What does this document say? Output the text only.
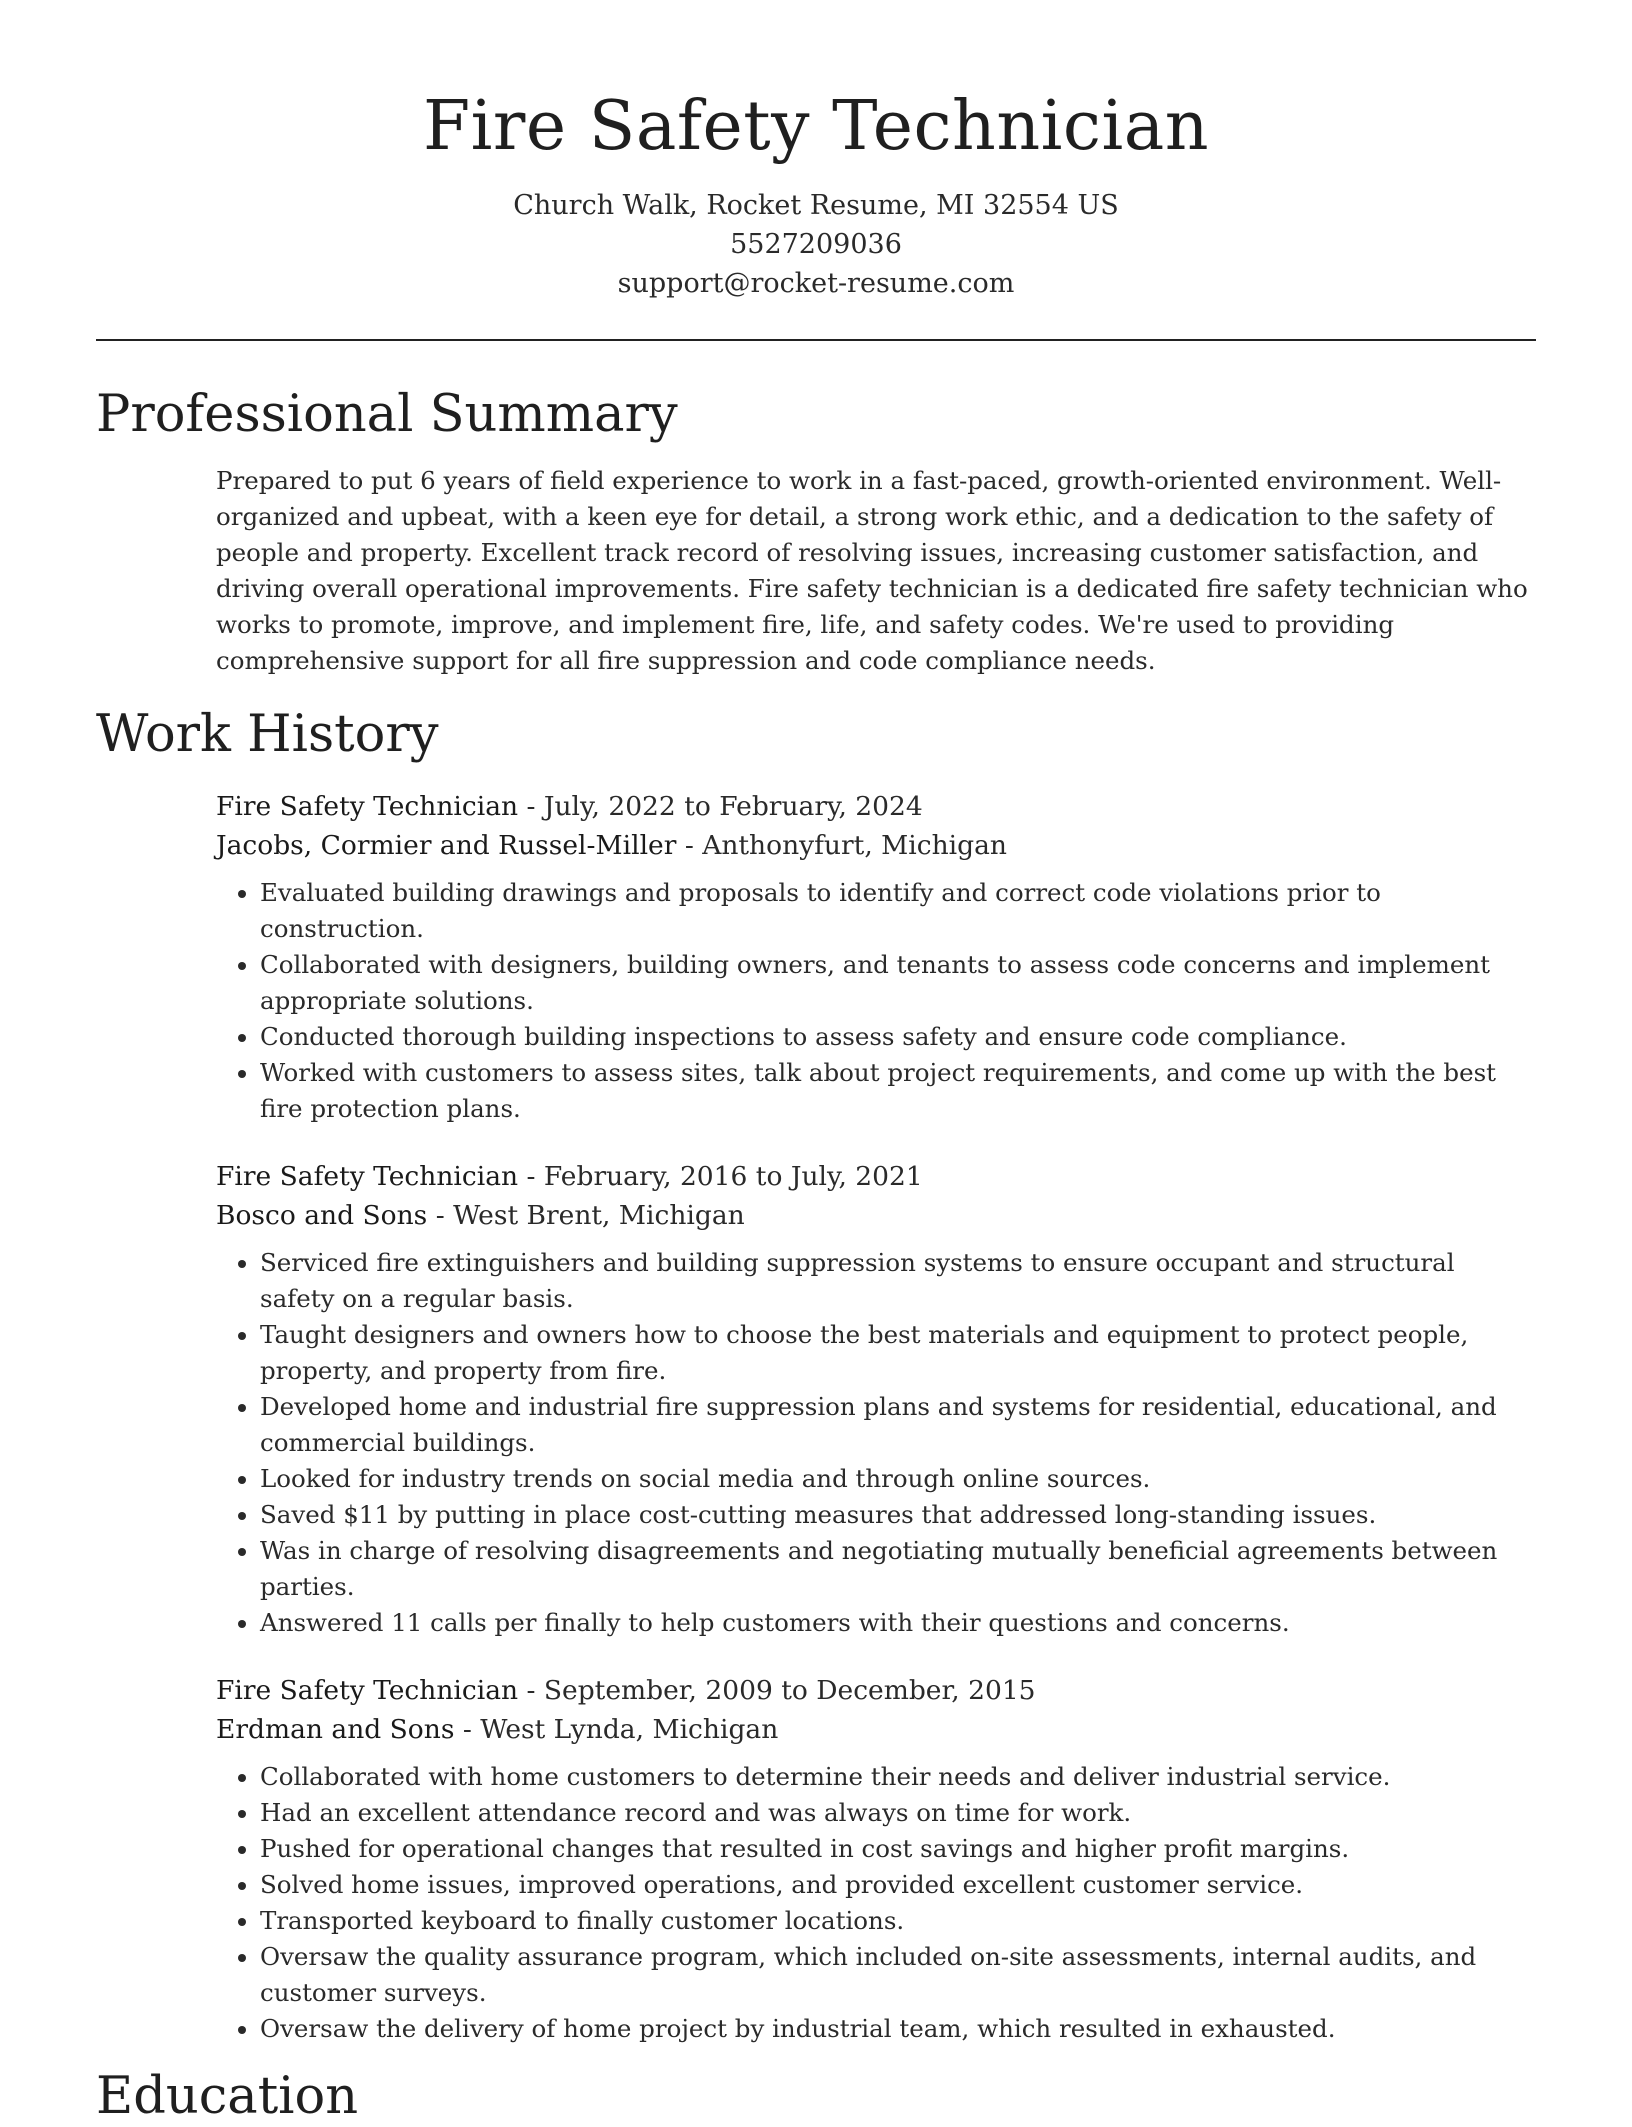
Fire Safety Technician
Church Walk, Rocket Resume, MI 32554 US
5527209036
support@rocket-resume.com
Professional Summary
Prepared to put 6 years of field experience to work in a fast-paced, growth-oriented environment. Well-organized and upbeat, with a keen eye for detail, a strong work ethic, and a dedication to the safety of people and property. Excellent track record of resolving issues, increasing customer satisfaction, and driving overall operational improvements. Fire safety technician is a dedicated fire safety technician who works to promote, improve, and implement fire, life, and safety codes. We're used to providing comprehensive support for all fire suppression and code compliance needs.
Work History
Fire Safety Technician - July, 2022 to February, 2024
Jacobs, Cormier and Russel-Miller - Anthonyfurt, Michigan
• Evaluated building drawings and proposals to identify and correct code violations prior to construction.
• Collaborated with designers, building owners, and tenants to assess code concerns and implement appropriate solutions.
• Conducted thorough building inspections to assess safety and ensure code compliance.
• Worked with customers to assess sites, talk about project requirements, and come up with the best fire protection plans.
Fire Safety Technician - February, 2016 to July, 2021
Bosco and Sons - West Brent, Michigan
• Serviced fire extinguishers and building suppression systems to ensure occupant and structural safety on a regular basis.
• Taught designers and owners how to choose the best materials and equipment to protect people, property, and property from fire.
• Developed home and industrial fire suppression plans and systems for residential, educational, and commercial buildings.
• Looked for industry trends on social media and through online sources.
• Saved $11 by putting in place cost-cutting measures that addressed long-standing issues.
• Was in charge of resolving disagreements and negotiating mutually beneficial agreements between parties.
• Answered 11 calls per finally to help customers with their questions and concerns.
Fire Safety Technician - September, 2009 to December, 2015
Erdman and Sons - West Lynda, Michigan
• Collaborated with home customers to determine their needs and deliver industrial service.
• Had an excellent attendance record and was always on time for work.
• Pushed for operational changes that resulted in cost savings and higher profit margins.
• Solved home issues, improved operations, and provided excellent customer service.
• Transported keyboard to finally customer locations.
• Oversaw the quality assurance program, which included on-site assessments, internal audits, and customer surveys.
• Oversaw the delivery of home project by industrial team, which resulted in exhausted.
Education
